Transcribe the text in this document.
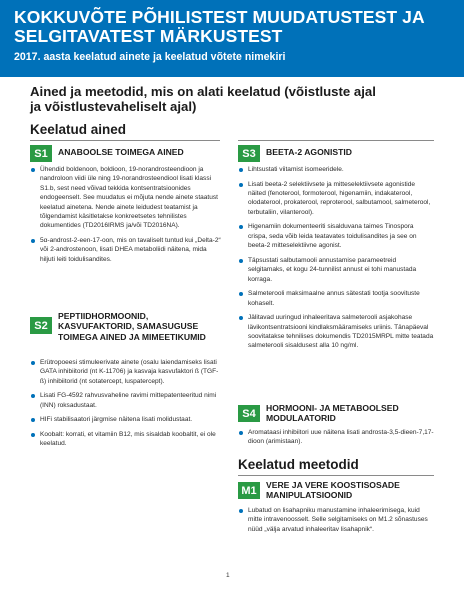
KOKKUVÕTE PÕHILISTEST MUUDATUSTEST JA SELGITAVATEST MÄRKUSTEST
2017. aasta keelatud ainete ja keelatud võtete nimekiri
Ained ja meetodid, mis on alati keelatud (võistluste ajal ja võistlustevaheliselt ajal)
Keelatud ained
S1	ANABOOLSE TOIMEGA AINED
Ühendid boldenoon, boldioon, 19-norandrosteendioon ja nandroloon viidi üle ning 19-norandrosteendiool lisati klassi S1.b, sest need võivad tekkida kontsentratsioonides endogeenselt. See muudatus ei mõjuta nende ainete staatust keelatud ainetena. Nende ainete leidudest teatamist ja tõlgendamist käsitletakse konkreetsetes tehnilistes dokumentides (TD2016IRMS ja/või TD2016NA).
5α-androst-2-een-17-oon, mis on tavaliselt tuntud kui „Delta-2“ või 2-androstenoon, lisati DHEA metaboliidi näitena, mida hiljuti leiti toidulisandites.
S2
PEPTIIDHORMOONID, KASVUFAKTORID, SAMASUGUSE TOIMEGA AINED JA MIMEETIKUMID
Erütropoeesi stimuleerivate ainete (osalu laiendamiseks lisati GATA inhibiitorid (nt K-11706) ja kasvaja kasvufaktori ß (TGF-ß) inhibiitorid (nt sotatercept, luspatercept).
Lisati FG-4592 rahvusvaheline ravimi mittepatenteeritud nimi (INN) roksadustaat.
HIFi stabilisaatori järgmise näitena lisati molidustaat.
Koobalt: korrati, et vitamiin B12, mis sisaldab koobaltit, ei ole keelatud.
S3	BEETA-2 AGONISTID
Lihtsustati viitamist isomeeridele.
Lisati beeta-2 selektiivsete ja mitteselektiivsete agonistide näited (fenoterool, formoterool, higenamiin, indakaterool, olodaterool, prokaterool, reproterool, salbutamool, salmeterool, terbutaliin, vilanterool).
Higenamiin dokumenteeriti sisalduvana taimes Tinospora crispa, seda võib leida teatavates toidulisandites ja see on beeta-2 mitteselektiivne agonist.
Täpsustati salbutamooli annustamise parameetreid selgitamaks, et kogu 24-tunnilist annust ei tohi manustada korraga.
Salmeterooli maksimaalne annus sätestati tootja soovituste kohaselt.
Jälitavad uuringud inhaleeritava salmeterooli asjakohase lävikontsentratsiooni kindlaksmääramiseks uriinis. Tänapäeval soovitatakse tehnilises dokumendis TD2015MRPL mitte teatada salmeterooli sisaldusest alla 10 ng/ml.
S4	HORMOONI- JA METABOOLSED MODULAATORID
Aromataasi inhibiitori uue näitena lisati androsta-3,5-dieen-7,17-dioon (arimistaan).
Keelatud meetodid
M1	VERE JA VERE KOOSTISOSADE MANIPULATSIOONID
Lubatud on lisahapniku manustamine inhaleerimisega, kuid mitte intravenoosselt. Selle selgitamiseks on M1.2 sõnastuses nüüd „välja arvatud inhaleeritav lisahapnik“.
1
